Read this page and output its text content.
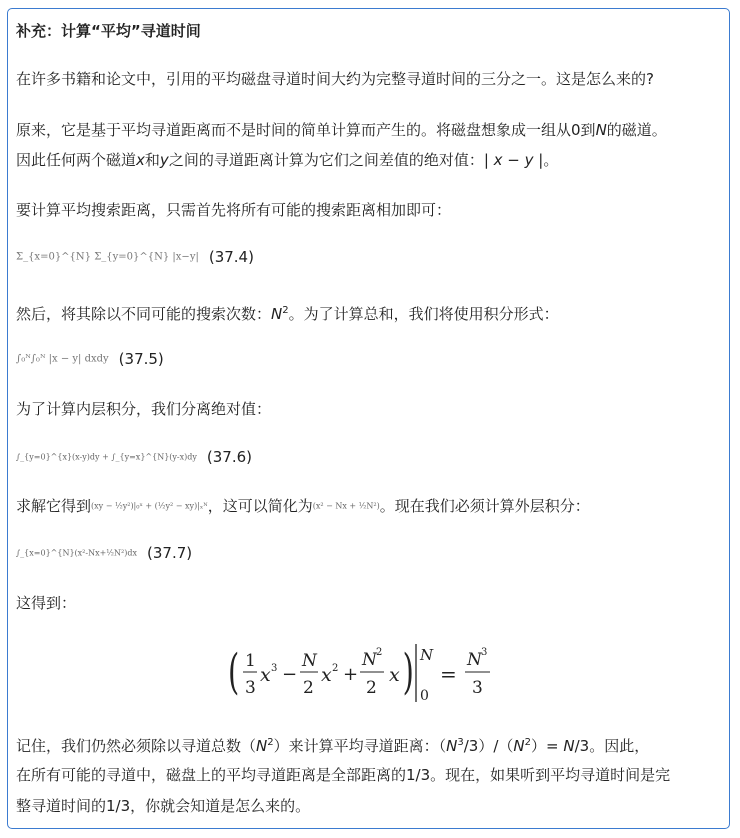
补充：计算“平均”寻道时间
在许多书籍和论文中，引用的平均磁盘寻道时间大约为完整寻道时间的三分之一。这是怎么来的?
原来，它是基于平均寻道距离而不是时间的简单计算而产生的。将磁盘想象成一组从0到N的磁道。
因此任何两个磁道x和y之间的寻道距离计算为它们之间差值的绝对值：| x − y |。
要计算平均搜索距离，只需首先将所有可能的搜索距离相加即可：
Σ_{x=0}^{N} Σ_{y=0}^{N} |x−y| (37.4)
然后，将其除以不同可能的搜索次数：$N^2$。为了计算总和，我们将使用积分形式：
∫₀ᴺ∫₀ᴺ |x − y| dxdy (37.5)
为了计算内层积分，我们分离绝对值：
∫_{y=0}^{x}(x-y)dy + ∫_{y=x}^{N}(y-x)dy (37.6)
求解它得到(xy − ½y²)|₀ˣ + (½y² − xy)|ₓᴺ，这可以简化为(x² − Nx + ½N²)。现在我们必须计算外层积分：
∫_{x=0}^{N}(x²-Nx+½N²)dx (37.7)
这得到：
( 1
3
x 3 −
N
2
x 2 +
N 2
2
x ) N
0
=
N 3
3
记住，我们仍然必须除以寻道总数$(N^2)$来计算平均寻道距离：$(N^3/3)/(N^2)= N/3$。因此，
在所有可能的寻道中，磁盘上的平均寻道距离是全部距离的1/3。现在，如果听到平均寻道时间是完
整寻道时间的1/3，你就会知道是怎么来的。
